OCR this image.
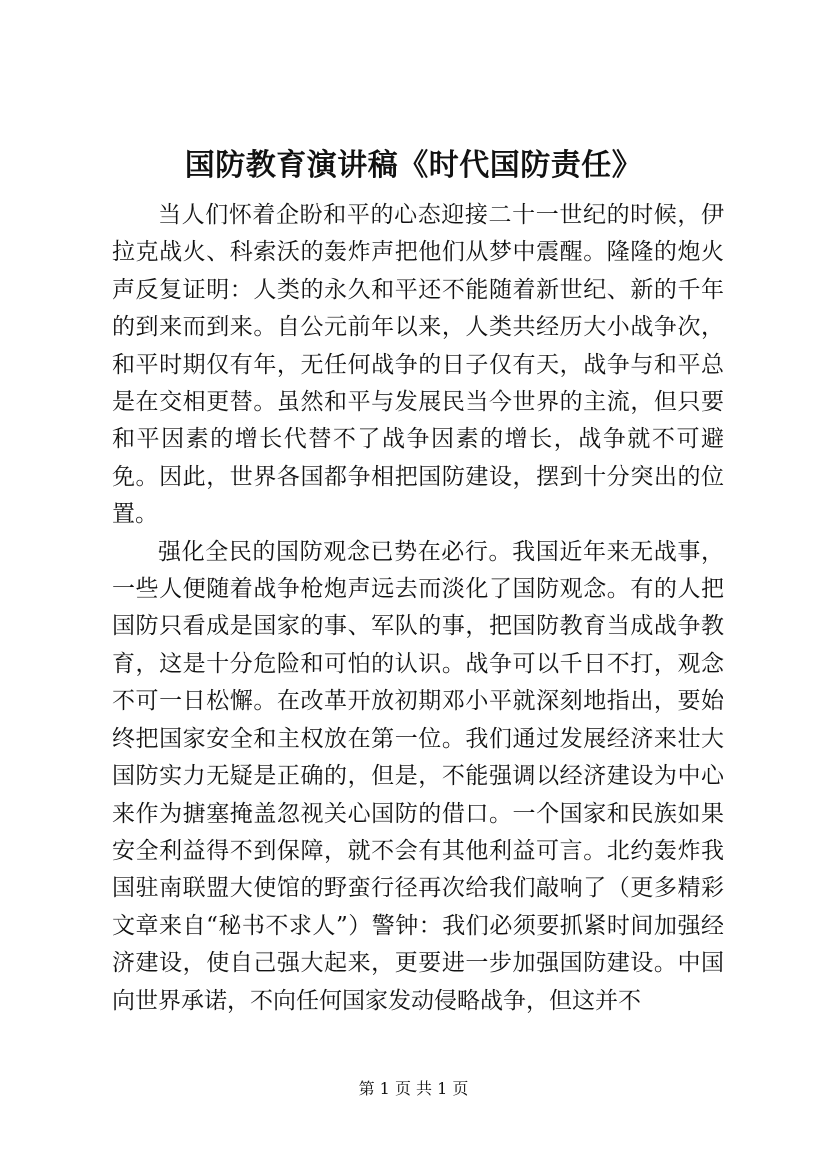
国防教育演讲稿《时代国防责任》

当人们怀着企盼和平的心态迎接二十一世纪的时候，伊拉克战火、科索沃的轰炸声把他们从梦中震醒。隆隆的炮火声反复证明：人类的永久和平还不能随着新世纪、新的千年的到来而到来。自公元前年以来，人类共经历大小战争次，和平时期仅有年，无任何战争的日子仅有天，战争与和平总是在交相更替。虽然和平与发展民当今世界的主流，但只要和平因素的增长代替不了战争因素的增长，战争就不可避免。因此，世界各国都争相把国防建设，摆到十分突出的位置。

强化全民的国防观念已势在必行。我国近年来无战事，一些人便随着战争枪炮声远去而淡化了国防观念。有的人把国防只看成是国家的事、军队的事，把国防教育当成战争教育，这是十分危险和可怕的认识。战争可以千日不打，观念不可一日松懈。在改革开放初期邓小平就深刻地指出，要始终把国家安全和主权放在第一位。我们通过发展经济来壮大国防实力无疑是正确的，但是，不能强调以经济建设为中心来作为搪塞掩盖忽视关心国防的借口。一个国家和民族如果安全利益得不到保障，就不会有其他利益可言。北约轰炸我国驻南联盟大使馆的野蛮行径再次给我们敲响了（更多精彩文章来自“秘书不求人”）警钟：我们必须要抓紧时间加强经济建设，使自己强大起来，更要进一步加强国防建设。中国向世界承诺，不向任何国家发动侵略战争，但这并不

第 1 页 共 1 页
